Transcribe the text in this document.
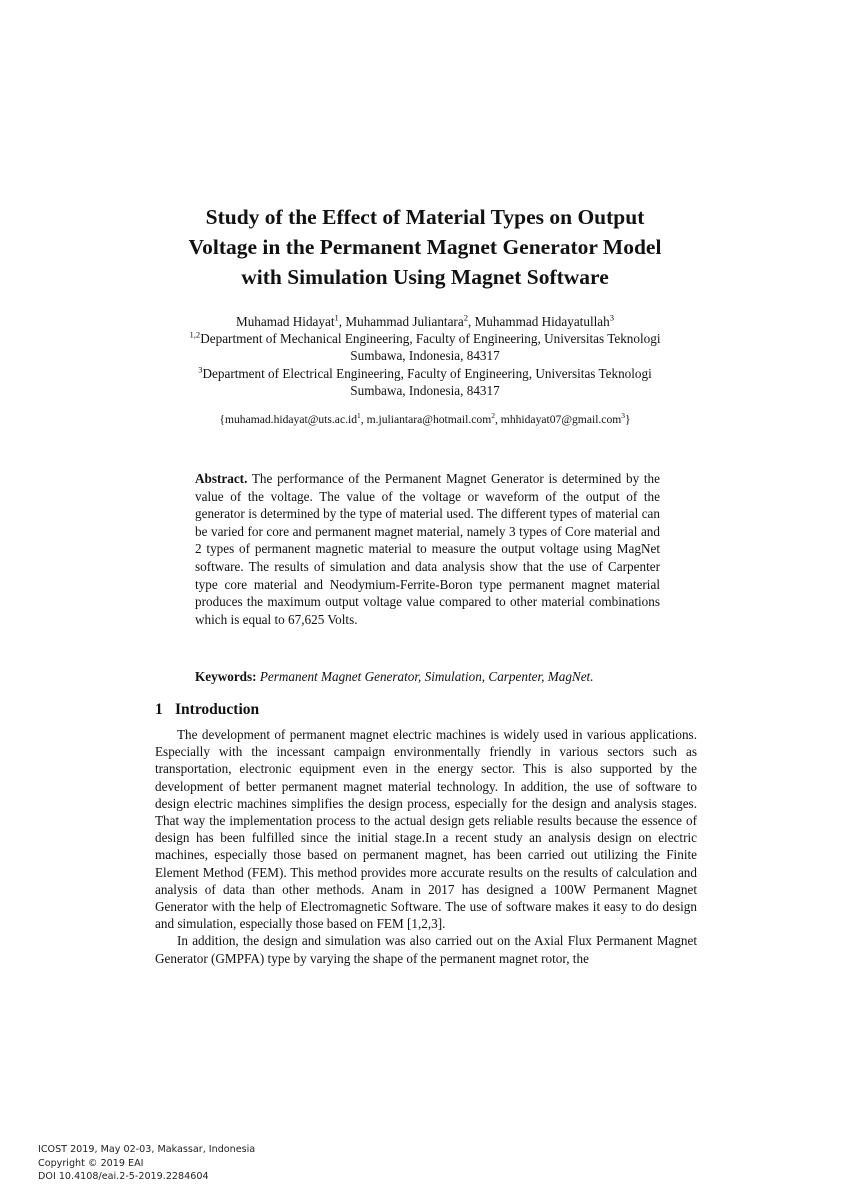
Study of the Effect of Material Types on Output
Voltage in the Permanent Magnet Generator Model
with Simulation Using Magnet Software

Muhamad Hidayat$^1$, Muhammad Juliantara$^2$, Muhammad Hidayatullah$^3$

$^{1,2}$Department of Mechanical Engineering, Faculty of Engineering, Universitas Teknologi

Sumbawa, Indonesia, 84317

$^3$Department of Electrical Engineering, Faculty of Engineering, Universitas Teknologi

Sumbawa, Indonesia, 84317

{$muhamad.hidayat@uts.ac.id^1$, m.juliantara@hotmail.com$^2$, mhhidayat07@gmail.com$^3$}

Abstract. The performance of the Permanent Magnet Generator is determined by the value of the voltage. The value of the voltage or waveform of the output of the generator is determined by the type of material used. The different types of material can be varied for core and permanent magnet material, namely 3 types of Core material and 2 types of permanent magnetic material to measure the output voltage using MagNet software. The results of simulation and data analysis show that the use of Carpenter type core material and Neodymium-Ferrite-Boron type permanent magnet material produces the maximum output voltage value compared to other material combinations which is equal to 67,625 Volts.

Keywords: Permanent Magnet Generator, Simulation, Carpenter, MagNet.

1 Introduction

The development of permanent magnet electric machines is widely used in various applications. Especially with the incessant campaign environmentally friendly in various sectors such as transportation, electronic equipment even in the energy sector. This is also supported by the development of better permanent magnet material technology. In addition, the use of software to design electric machines simplifies the design process, especially for the design and analysis stages. That way the implementation process to the actual design gets reliable results because the essence of design has been fulfilled since the initial stage.In a recent study an analysis design on electric machines, especially those based on permanent magnet, has been carried out utilizing the Finite Element Method (FEM). This method provides more accurate results on the results of calculation and analysis of data than other methods. Anam in 2017 has designed a 100W Permanent Magnet Generator with the help of Electromagnetic Software. The use of software makes it easy to do design and simulation, especially those based on FEM [1,2,3].

In addition, the design and simulation was also carried out on the Axial Flux Permanent Magnet Generator (GMPFA) type by varying the shape of the permanent magnet rotor, the

ICOST 2019, May 02-03, Makassar, Indonesia
Copyright © 2019 EAI
DOI 10.4108/eai.2-5-2019.2284604
